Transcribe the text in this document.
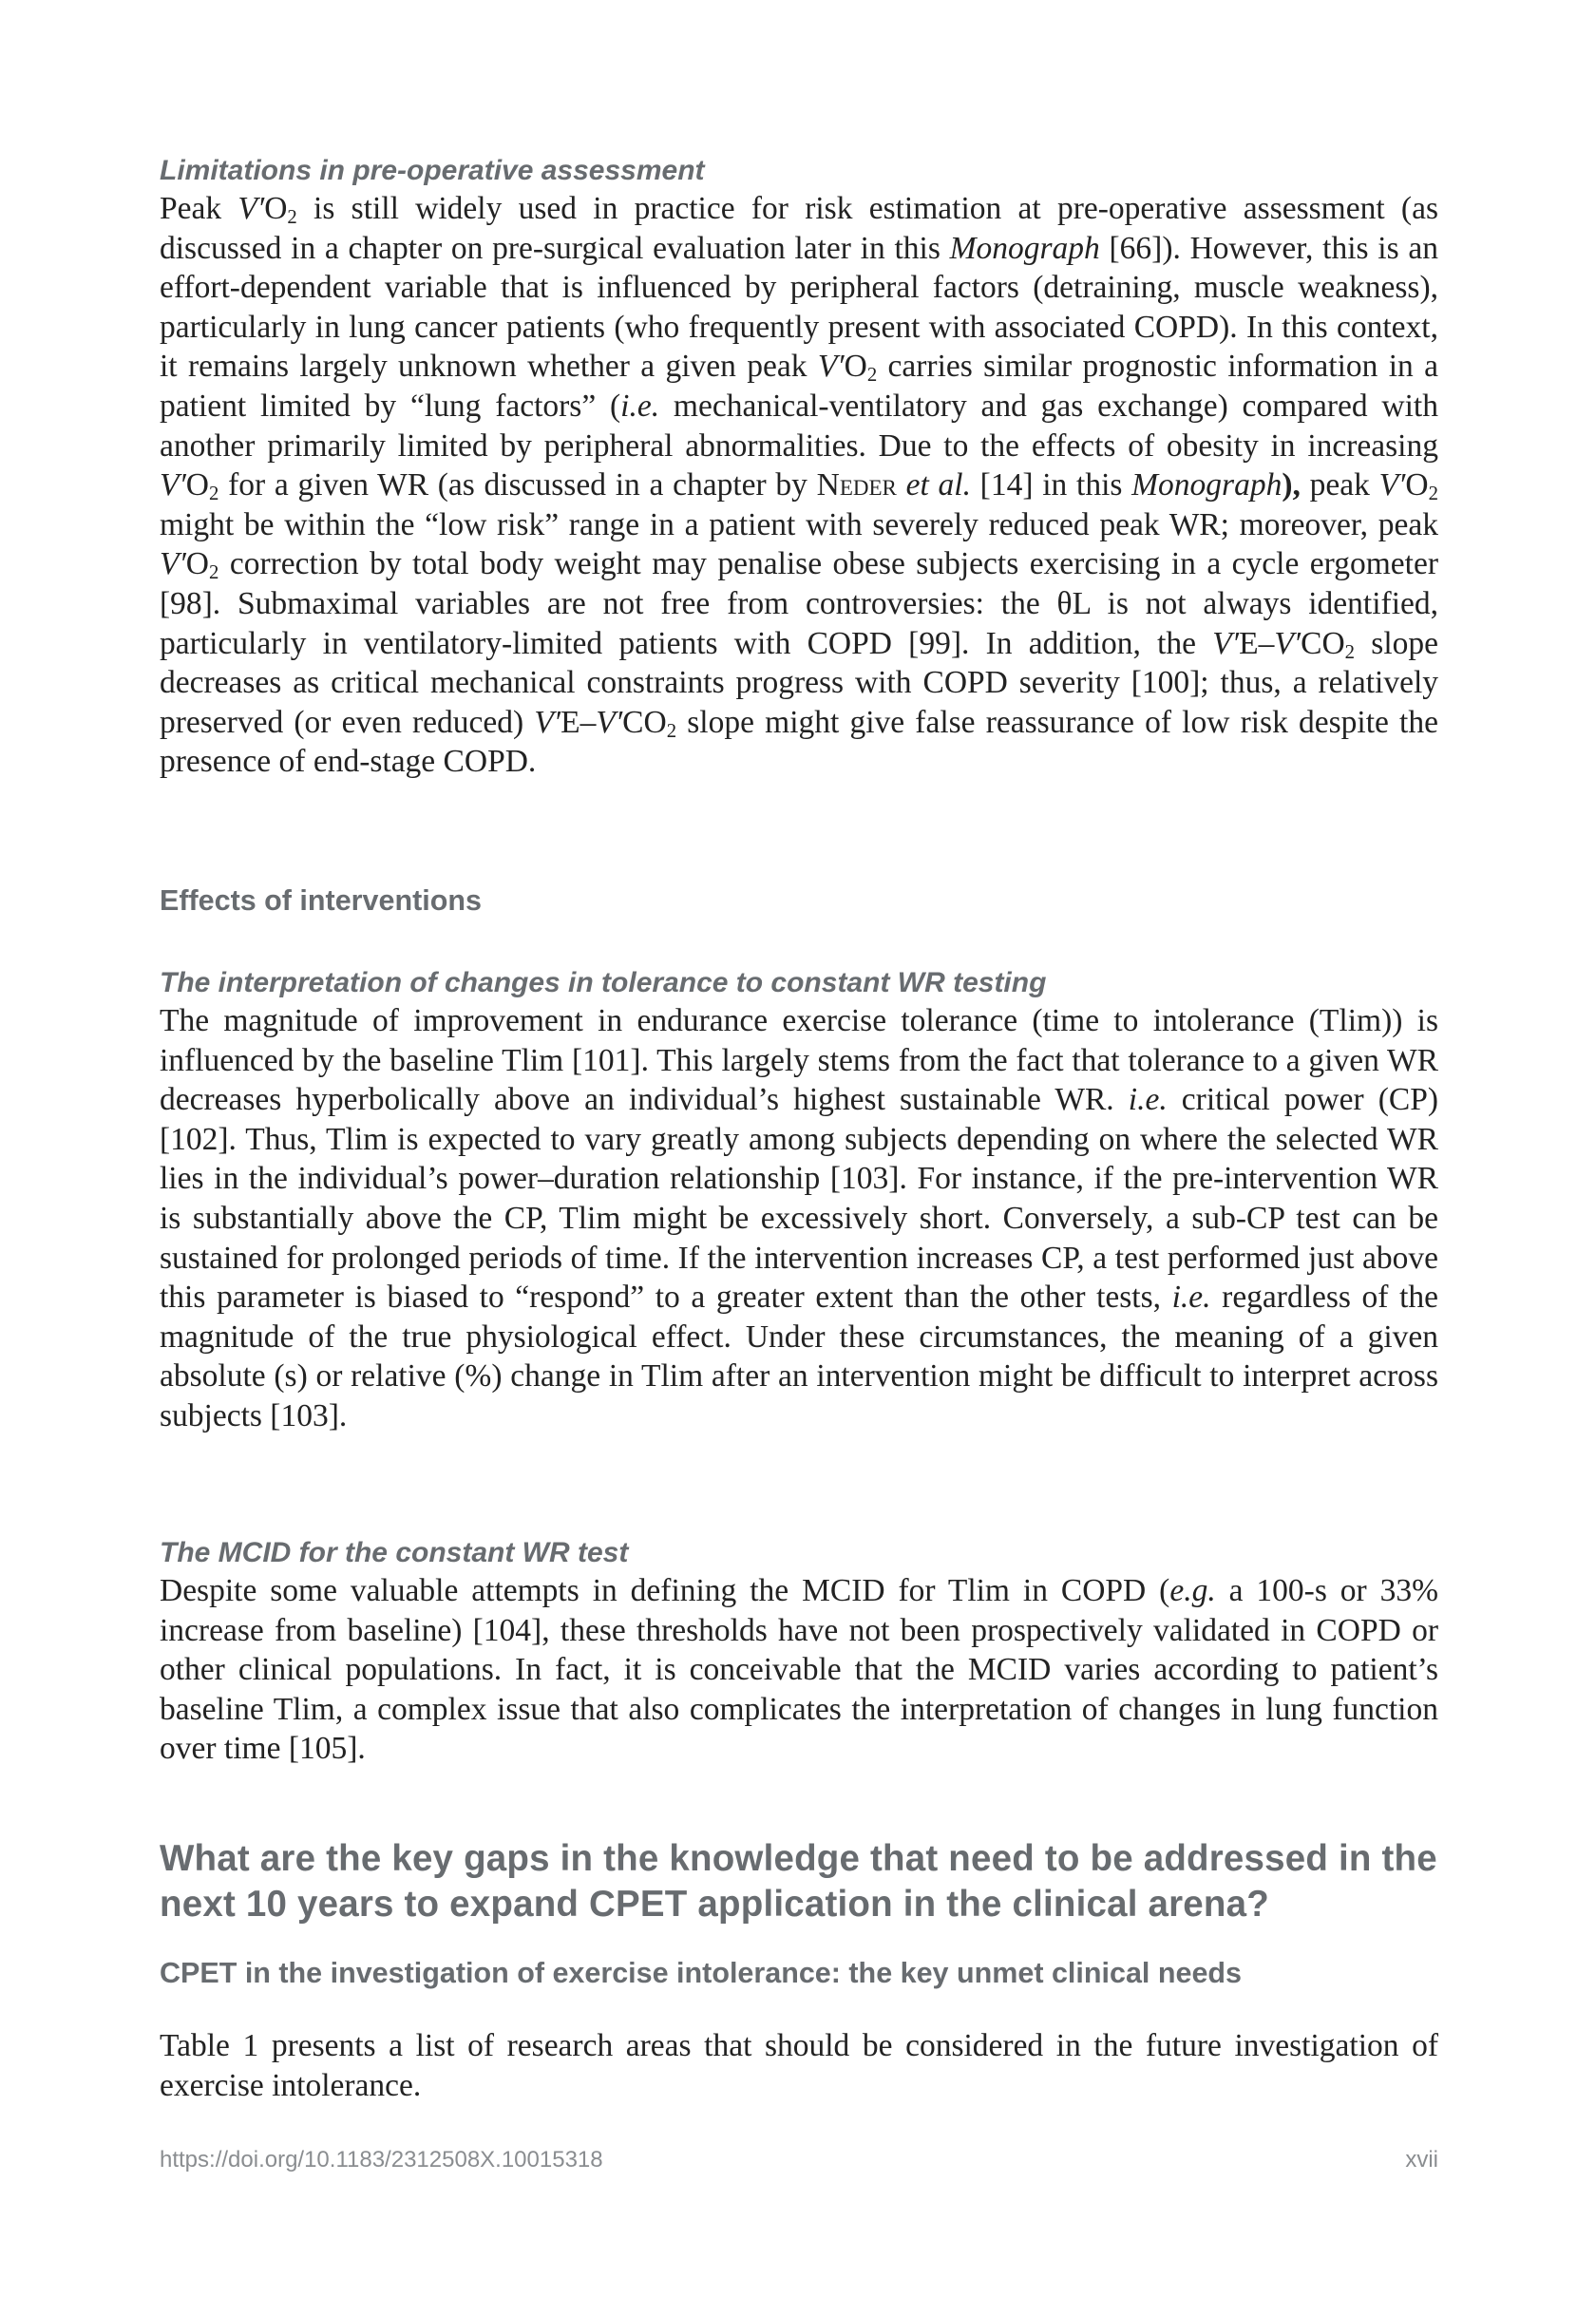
Limitations in pre-operative assessment

Peak $V'O_2$ is still widely used in practice for risk estimation at pre-operative assessment (as discussed in a chapter on pre-surgical evaluation later in this Monograph [66]). However, this is an effort-dependent variable that is influenced by peripheral factors (detraining, muscle weakness), particularly in lung cancer patients (who frequently present with associated COPD). In this context, it remains largely unknown whether a given peak $V'O_2$ carries similar prognostic information in a patient limited by “lung factors” (i.e. mechanical-ventilatory and gas exchange) compared with another primarily limited by peripheral abnormalities. Due to the effects of obesity in increasing $V'O_2$ for a given WR (as discussed in a chapter by Neder et al. [14] in this Monograph), peak $V'O_2$ might be within the “low risk” range in a patient with severely reduced peak WR; moreover, peak $V'O_2$ correction by total body weight may penalise obese subjects exercising in a cycle ergometer [98]. Submaximal variables are not free from controversies: the θL is not always identified, particularly in ventilatory-limited patients with COPD [99]. In addition, the $V'E-V'CO_2$ slope decreases as critical mechanical constraints progress with COPD severity [100]; thus, a relatively preserved (or even reduced) $V'E-V'CO_2$ slope might give false reassurance of low risk despite the presence of end-stage COPD.

Effects of interventions
The interpretation of changes in tolerance to constant WR testing

The magnitude of improvement in endurance exercise tolerance (time to intolerance (Tlim)) is influenced by the baseline Tlim [101]. This largely stems from the fact that tolerance to a given WR decreases hyperbolically above an individual’s highest sustainable WR. i.e. critical power (CP) [102]. Thus, Tlim is expected to vary greatly among subjects depending on where the selected WR lies in the individual’s power–duration relationship [103]. For instance, if the pre-intervention WR is substantially above the CP, Tlim might be excessively short. Conversely, a sub-CP test can be sustained for prolonged periods of time. If the intervention increases CP, a test performed just above this parameter is biased to “respond” to a greater extent than the other tests, i.e. regardless of the magnitude of the true physiological effect. Under these circumstances, the meaning of a given absolute (s) or relative (%) change in Tlim after an intervention might be difficult to interpret across subjects [103].

The MCID for the constant WR test

Despite some valuable attempts in defining the MCID for Tlim in COPD (e.g. a 100-s or 33% increase from baseline) [104], these thresholds have not been prospectively validated in COPD or other clinical populations. In fact, it is conceivable that the MCID varies according to patient’s baseline Tlim, a complex issue that also complicates the interpretation of changes in lung function over time [105].

What are the key gaps in the knowledge that need to be addressed in the next 10 years to expand CPET application in the clinical arena?
CPET in the investigation of exercise intolerance: the key unmet clinical needs

Table 1 presents a list of research areas that should be considered in the future investigation of exercise intolerance.

https://doi.org/10.1183/2312508X.10015318	xvii
